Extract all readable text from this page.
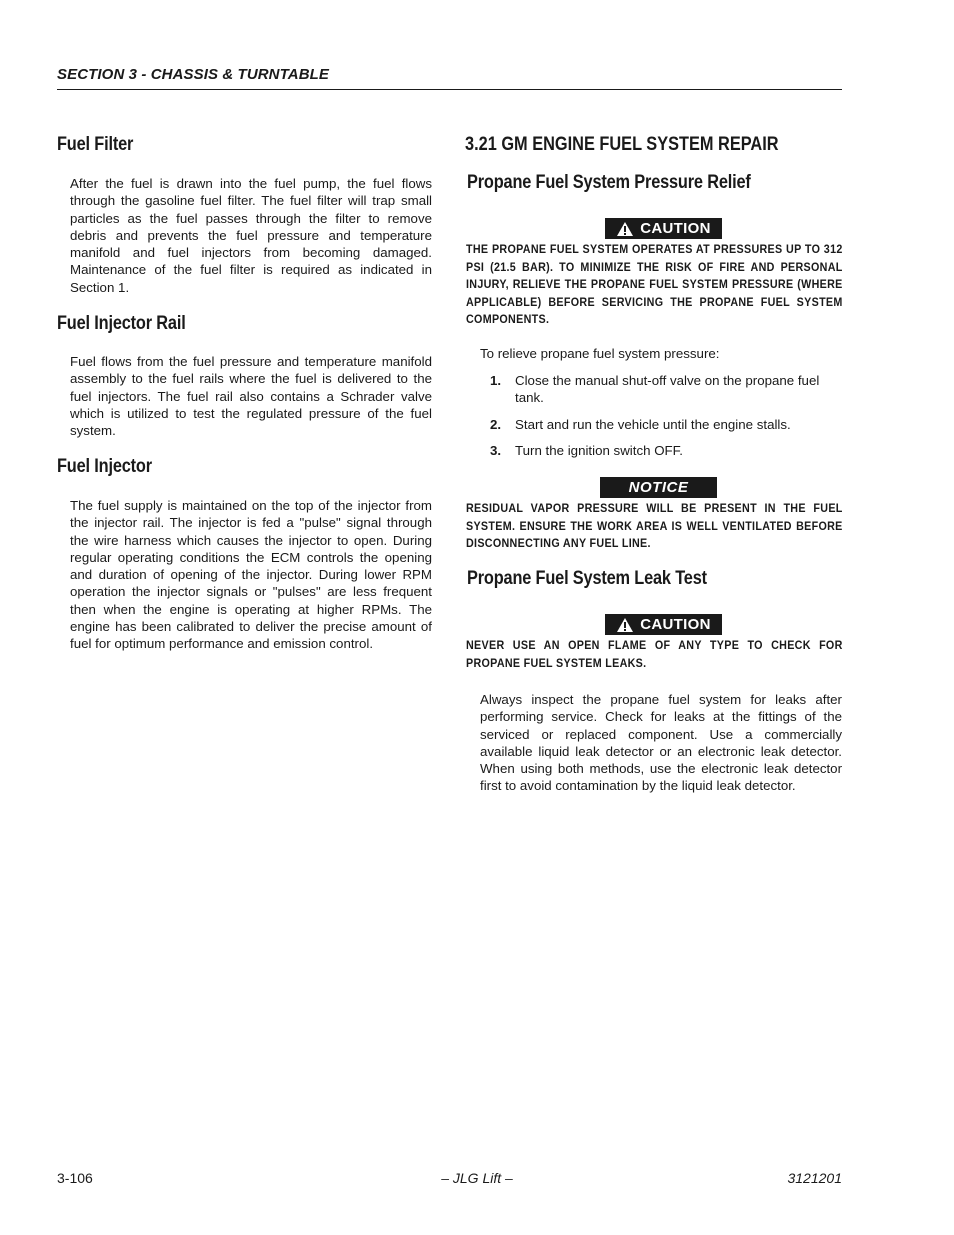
SECTION 3 - CHASSIS & TURNTABLE
Fuel Filter

After the fuel is drawn into the fuel pump, the fuel flows through the gasoline fuel filter. The fuel filter will trap small particles as the fuel passes through the filter to remove debris and prevents the fuel pressure and temperature manifold and fuel injectors from becoming damaged. Maintenance of the fuel filter is required as indicated in Section 1.

Fuel Injector Rail

Fuel flows from the fuel pressure and temperature manifold assembly to the fuel rails where the fuel is delivered to the fuel injectors. The fuel rail also contains a Schrader valve which is utilized to test the regulated pressure of the fuel system.

Fuel Injector

The fuel supply is maintained on the top of the injector from the injector rail. The injector is fed a "pulse" signal through the wire harness which causes the injector to open. During regular operating conditions the ECM controls the opening and duration of opening of the injector. During lower RPM operation the injector signals or "pulses" are less frequent then when the engine is operating at higher RPMs. The engine has been calibrated to deliver the precise amount of fuel for optimum performance and emission control.

3.21 GM ENGINE FUEL SYSTEM REPAIR
Propane Fuel System Pressure Relief
CAUTION

THE PROPANE FUEL SYSTEM OPERATES AT PRESSURES UP TO 312 PSI (21.5 BAR). TO MINIMIZE THE RISK OF FIRE AND PERSONAL INJURY, RELIEVE THE PROPANE FUEL SYSTEM PRESSURE (WHERE APPLICABLE) BEFORE SERVICING THE PROPANE FUEL SYSTEM COMPONENTS.

To relieve propane fuel system pressure:

1. Close the manual shut-off valve on the propane fuel tank.
2. Start and run the vehicle until the engine stalls.
3. Turn the ignition switch OFF.
NOTICE

RESIDUAL VAPOR PRESSURE WILL BE PRESENT IN THE FUEL SYSTEM. ENSURE THE WORK AREA IS WELL VENTILATED BEFORE DISCONNECTING ANY FUEL LINE.

Propane Fuel System Leak Test
CAUTION

NEVER USE AN OPEN FLAME OF ANY TYPE TO CHECK FOR PROPANE FUEL SYSTEM LEAKS.

Always inspect the propane fuel system for leaks after performing service. Check for leaks at the fittings of the serviced or replaced component. Use a commercially available liquid leak detector or an electronic leak detector. When using both methods, use the electronic leak detector first to avoid contamination by the liquid leak detector.

3-106	– JLG Lift –	3121201
